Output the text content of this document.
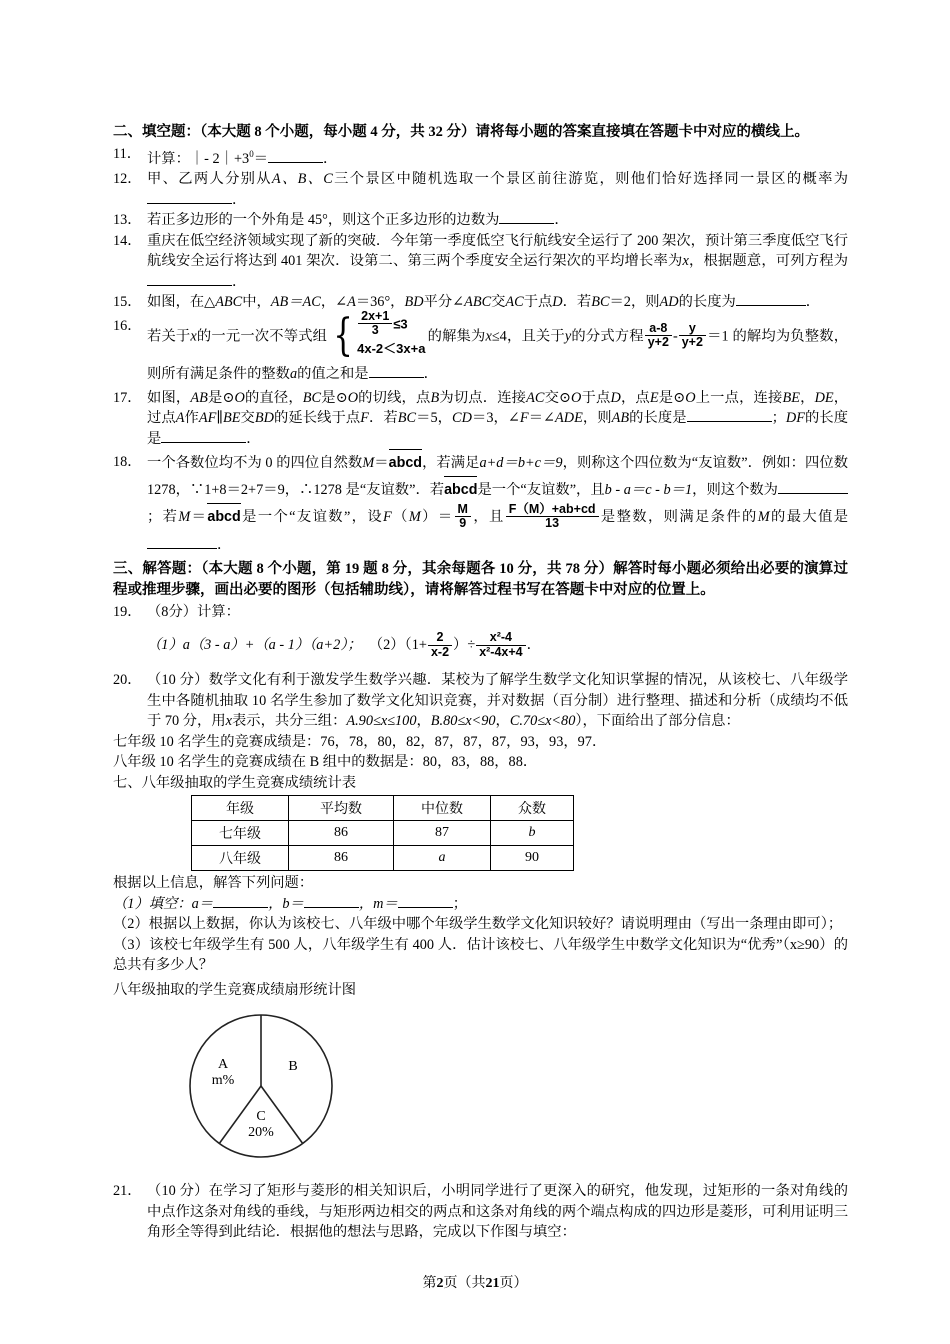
二、填空题：（本大题 8 个小题，每小题 4 分，共 32 分）请将每小题的答案直接填在答题卡中对应的横线上。
11． 计算：｜- $2|+3^0=$	．
12． 甲、乙两人分别从A、B、C三个景区中随机选取一个景区前往游览，则他们恰好选择同一景区的概率为．
13． 若正多边形的一个外角是 45°，则这个正多边形的边数为	．
14． 重庆在低空经济领域实现了新的突破．今年第一季度低空飞行航线安全运行了 200 架次，预计第三季度低空飞行航线安全运行将达到 401 架次．设第二、第三两个季度安全运行架次的平均增长率为x，根据题意，可列方程为．
15． 如图，在△ABC中，AB＝AC，∠A＝36°，BD平分∠ABC交AC于点D．若BC＝2，则AD的长度为	．
16．
若关于x的一元一次不等式组 { $\frac{2x+1}{3} \le 3$
4x-2＜3x+a
的解集为x≤4，且关于y的分式方程 $\frac{a-8}{y+2} - \frac{y}{y+2} =1$ 的解均为负整数，则所有满足条件的整数a的值之和是	．
17． 如图，AB是⊙O的直径，BC是⊙O的切线，点B为切点．连接AC交⊙O于点D，点E是⊙O上一点，连接BE，DE，过点A作AF∥BE交BD的延长线于点F．若BC＝5，CD＝3，∠F＝∠ADE，则AB的长度是	；DF的长度是	．
18． 一个各数位均不为 0 的四位自然数M＝abcd，若满足a+d＝b+c＝9，则称这个四位数为“友谊数”．例如：四位数 1278，∵1+8＝2+7＝9，∴1278 是“友谊数”．若abcd是一个“友谊数”，且b - a＝c - b＝1，则这个数为；若M＝abcd是一个“友谊数”，设$F(M)= \frac{M}{9}$ ，且 $\frac{F(M)+ab+cd}{13}$ 是整数，则满足条件的M的最大值是．
三、解答题：（本大题 8 个小题，第 19 题 8 分，其余每题各 10 分，共 78 分）解答时每小题必须给出必要的演算过程或推理步骤，画出必要的图形（包括辅助线），请将解答过程书写在答题卡中对应的位置上。
19． （8分）计算：
（1）a（3 - a）+（a - 1）（a+2）； $(2)(1+ \frac{2}{x-2}$ ）÷ $\frac{\text{x²-4}}{\text{x²-4x+4}}$ ．
20． （10 分）数学文化有利于激发学生数学兴趣．某校为了解学生数学文化知识掌握的情况，从该校七、八年级学生中各随机抽取 10 名学生参加了数学文化知识竞赛，并对数据（百分制）进行整理、描述和分析（成绩均不低于 70 分，用x表示，共分三组：A.90≤x≤100，B.80≤x<90，C.70≤x<80），下面给出了部分信息：
七年级 10 名学生的竞赛成绩是：76，78，80，82，87，87，87，93，93，97．
八年级 10 名学生的竞赛成绩在 B 组中的数据是：80，83，88，88．
七、八年级抽取的学生竞赛成绩统计表
年级	平均数	中位数	众数
七年级	86	87	b
八年级	86	a	90
根据以上信息，解答下列问题：
（1）填空：a＝	，b＝	，m＝	；
（2）根据以上数据，你认为该校七、八年级中哪个年级学生数学文化知识较好？请说明理由（写出一条理由即可）；
（3）该校七年级学生有 500 人，八年级学生有 400 人．估计该校七、八年级学生中数学文化知识为“优秀”（x≥90）的总共有多少人？
八年级抽取的学生竞赛成绩扇形统计图
A
m%
B
C
20%
21． （10 分）在学习了矩形与菱形的相关知识后，小明同学进行了更深入的研究，他发现，过矩形的一条对角线的中点作这条对角线的垂线，与矩形两边相交的两点和这条对角线的两个端点构成的四边形是菱形，可利用证明三角形全等得到此结论．根据他的想法与思路，完成以下作图与填空：
第2页（共21页）
